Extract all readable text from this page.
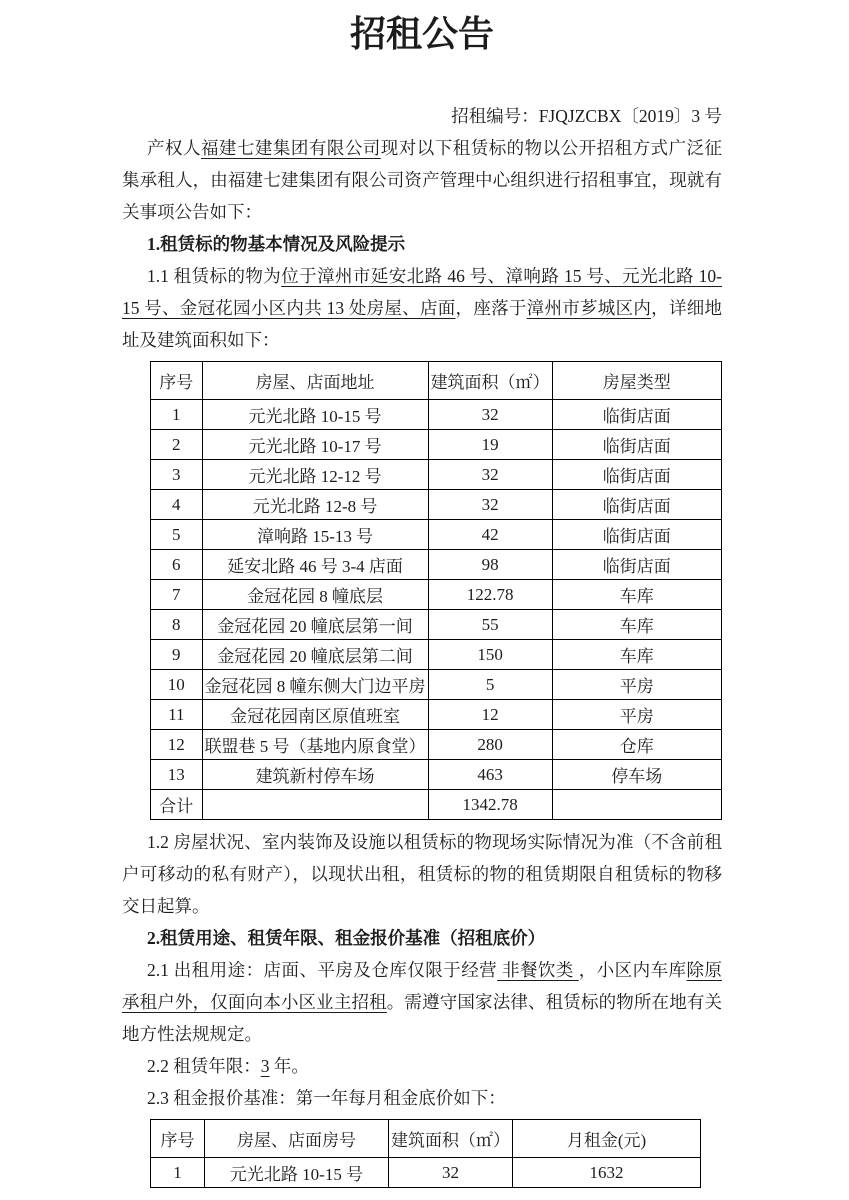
招租公告

招租编号：FJQJZCBX〔2019〕3 号

产权人福建七建集团有限公司现对以下租赁标的物以公开招租方式广泛征集承租人，由福建七建集团有限公司资产管理中心组织进行招租事宜，现就有关事项公告如下：

1.租赁标的物基本情况及风险提示

1.1 租赁标的物为位于漳州市延安北路 46 号、漳响路 15 号、元光北路 10-15 号、金冠花园小区内共 13 处房屋、店面，座落于漳州市芗城区内，详细地址及建筑面积如下：

序号	房屋、店面地址	建筑面积（㎡）	房屋类型
1	元光北路 10-15 号	32	临街店面
2	元光北路 10-17 号	19	临街店面
3	元光北路 12-12 号	32	临街店面
4	元光北路 12-8 号	32	临街店面
5	漳响路 15-13 号	42	临街店面
6	延安北路 46 号 3-4 店面	98	临街店面
7	金冠花园 8 幢底层	122.78	车库
8	金冠花园 20 幢底层第一间	55	车库
9	金冠花园 20 幢底层第二间	150	车库
10	金冠花园 8 幢东侧大门边平房	5	平房
11	金冠花园南区原值班室	12	平房
12	联盟巷 5 号（基地内原食堂）	280	仓库
13	建筑新村停车场	463	停车场
合计		1342.78	

1.2 房屋状况、室内装饰及设施以租赁标的物现场实际情况为准（不含前租户可移动的私有财产），以现状出租，租赁标的物的租赁期限自租赁标的物移交日起算。

2.租赁用途、租赁年限、租金报价基准（招租底价）

2.1 出租用途：店面、平房及仓库仅限于经营 非餐饮类 ，小区内车库除原承租户外，仅面向本小区业主招租。需遵守国家法律、租赁标的物所在地有关地方性法规规定。

2.2 租赁年限：3 年。

2.3 租金报价基准：第一年每月租金底价如下：

序号	房屋、店面房号	建筑面积（㎡）	月租金(元)
1	元光北路 10-15 号	32	1632
